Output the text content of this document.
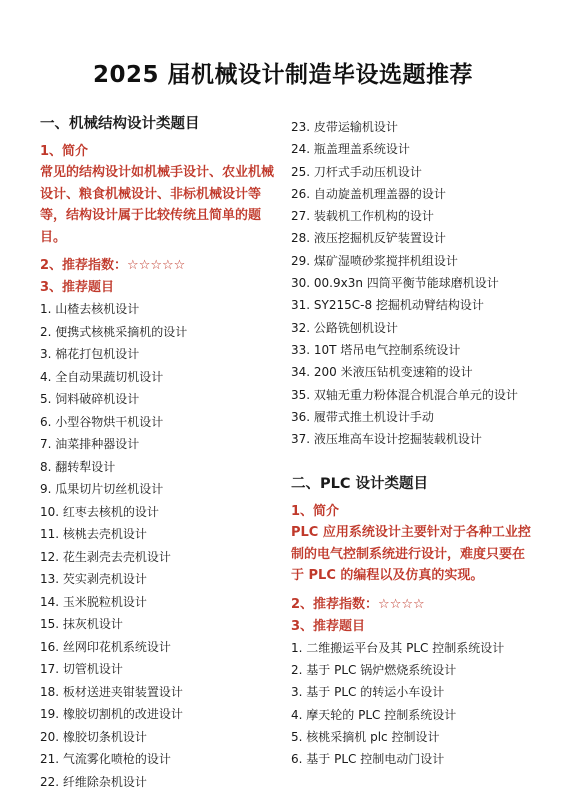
2025 届机械设计制造毕设选题推荐
一、机械结构设计类题目
1、简介
常见的结构设计如机械手设计、农业机械设计、粮食机械设计、非标机械设计等等，结构设计属于比较传统且简单的题目。
2、推荐指数：☆☆☆☆☆
3、推荐题目
1. 山楂去核机设计
2. 便携式核桃采摘机的设计
3. 棉花打包机设计
4. 全自动果蔬切机设计
5. 饲料破碎机设计
6. 小型谷物烘干机设计
7. 油菜排种器设计
8. 翻转犁设计
9. 瓜果切片切丝机设计
10. 红枣去核机的设计
11. 核桃去壳机设计
12. 花生剥壳去壳机设计
13. 芡实剥壳机设计
14. 玉米脱粒机设计
15. 抹灰机设计
16. 丝网印花机系统设计
17. 切管机设计
18. 板材送进夹钳装置设计
19. 橡胶切割机的改进设计
20. 橡胶切条机设计
21. 气流雾化喷枪的设计
22. 纤维除杂机设计
23. 皮带运输机设计
24. 瓶盖理盖系统设计
25. 刀杆式手动压机设计
26. 自动旋盖机理盖器的设计
27. 装载机工作机构的设计
28. 液压挖掘机反铲装置设计
29. 煤矿湿喷砂浆搅拌机组设计
30. 00.9x3n 四筒平衡节能球磨机设计
31. SY215C-8 挖掘机动臂结构设计
32. 公路铣刨机设计
33. 10T 塔吊电气控制系统设计
34. 200 米液压钻机变速箱的设计
35. 双轴无重力粉体混合机混合单元的设计
36. 履带式推土机设计手动
37. 液压堆高车设计挖掘装载机设计
二、PLC 设计类题目
1、简介
PLC 应用系统设计主要针对于各种工业控制的电气控制系统进行设计，难度只要在于 PLC 的编程以及仿真的实现。
2、推荐指数：☆☆☆☆
3、推荐题目
1. 二维搬运平台及其 PLC 控制系统设计
2. 基于 PLC 锅炉燃烧系统设计
3. 基于 PLC 的转运小车设计
4. 摩天轮的 PLC 控制系统设计
5. 核桃采摘机 plc 控制设计
6. 基于 PLC 控制电动门设计
